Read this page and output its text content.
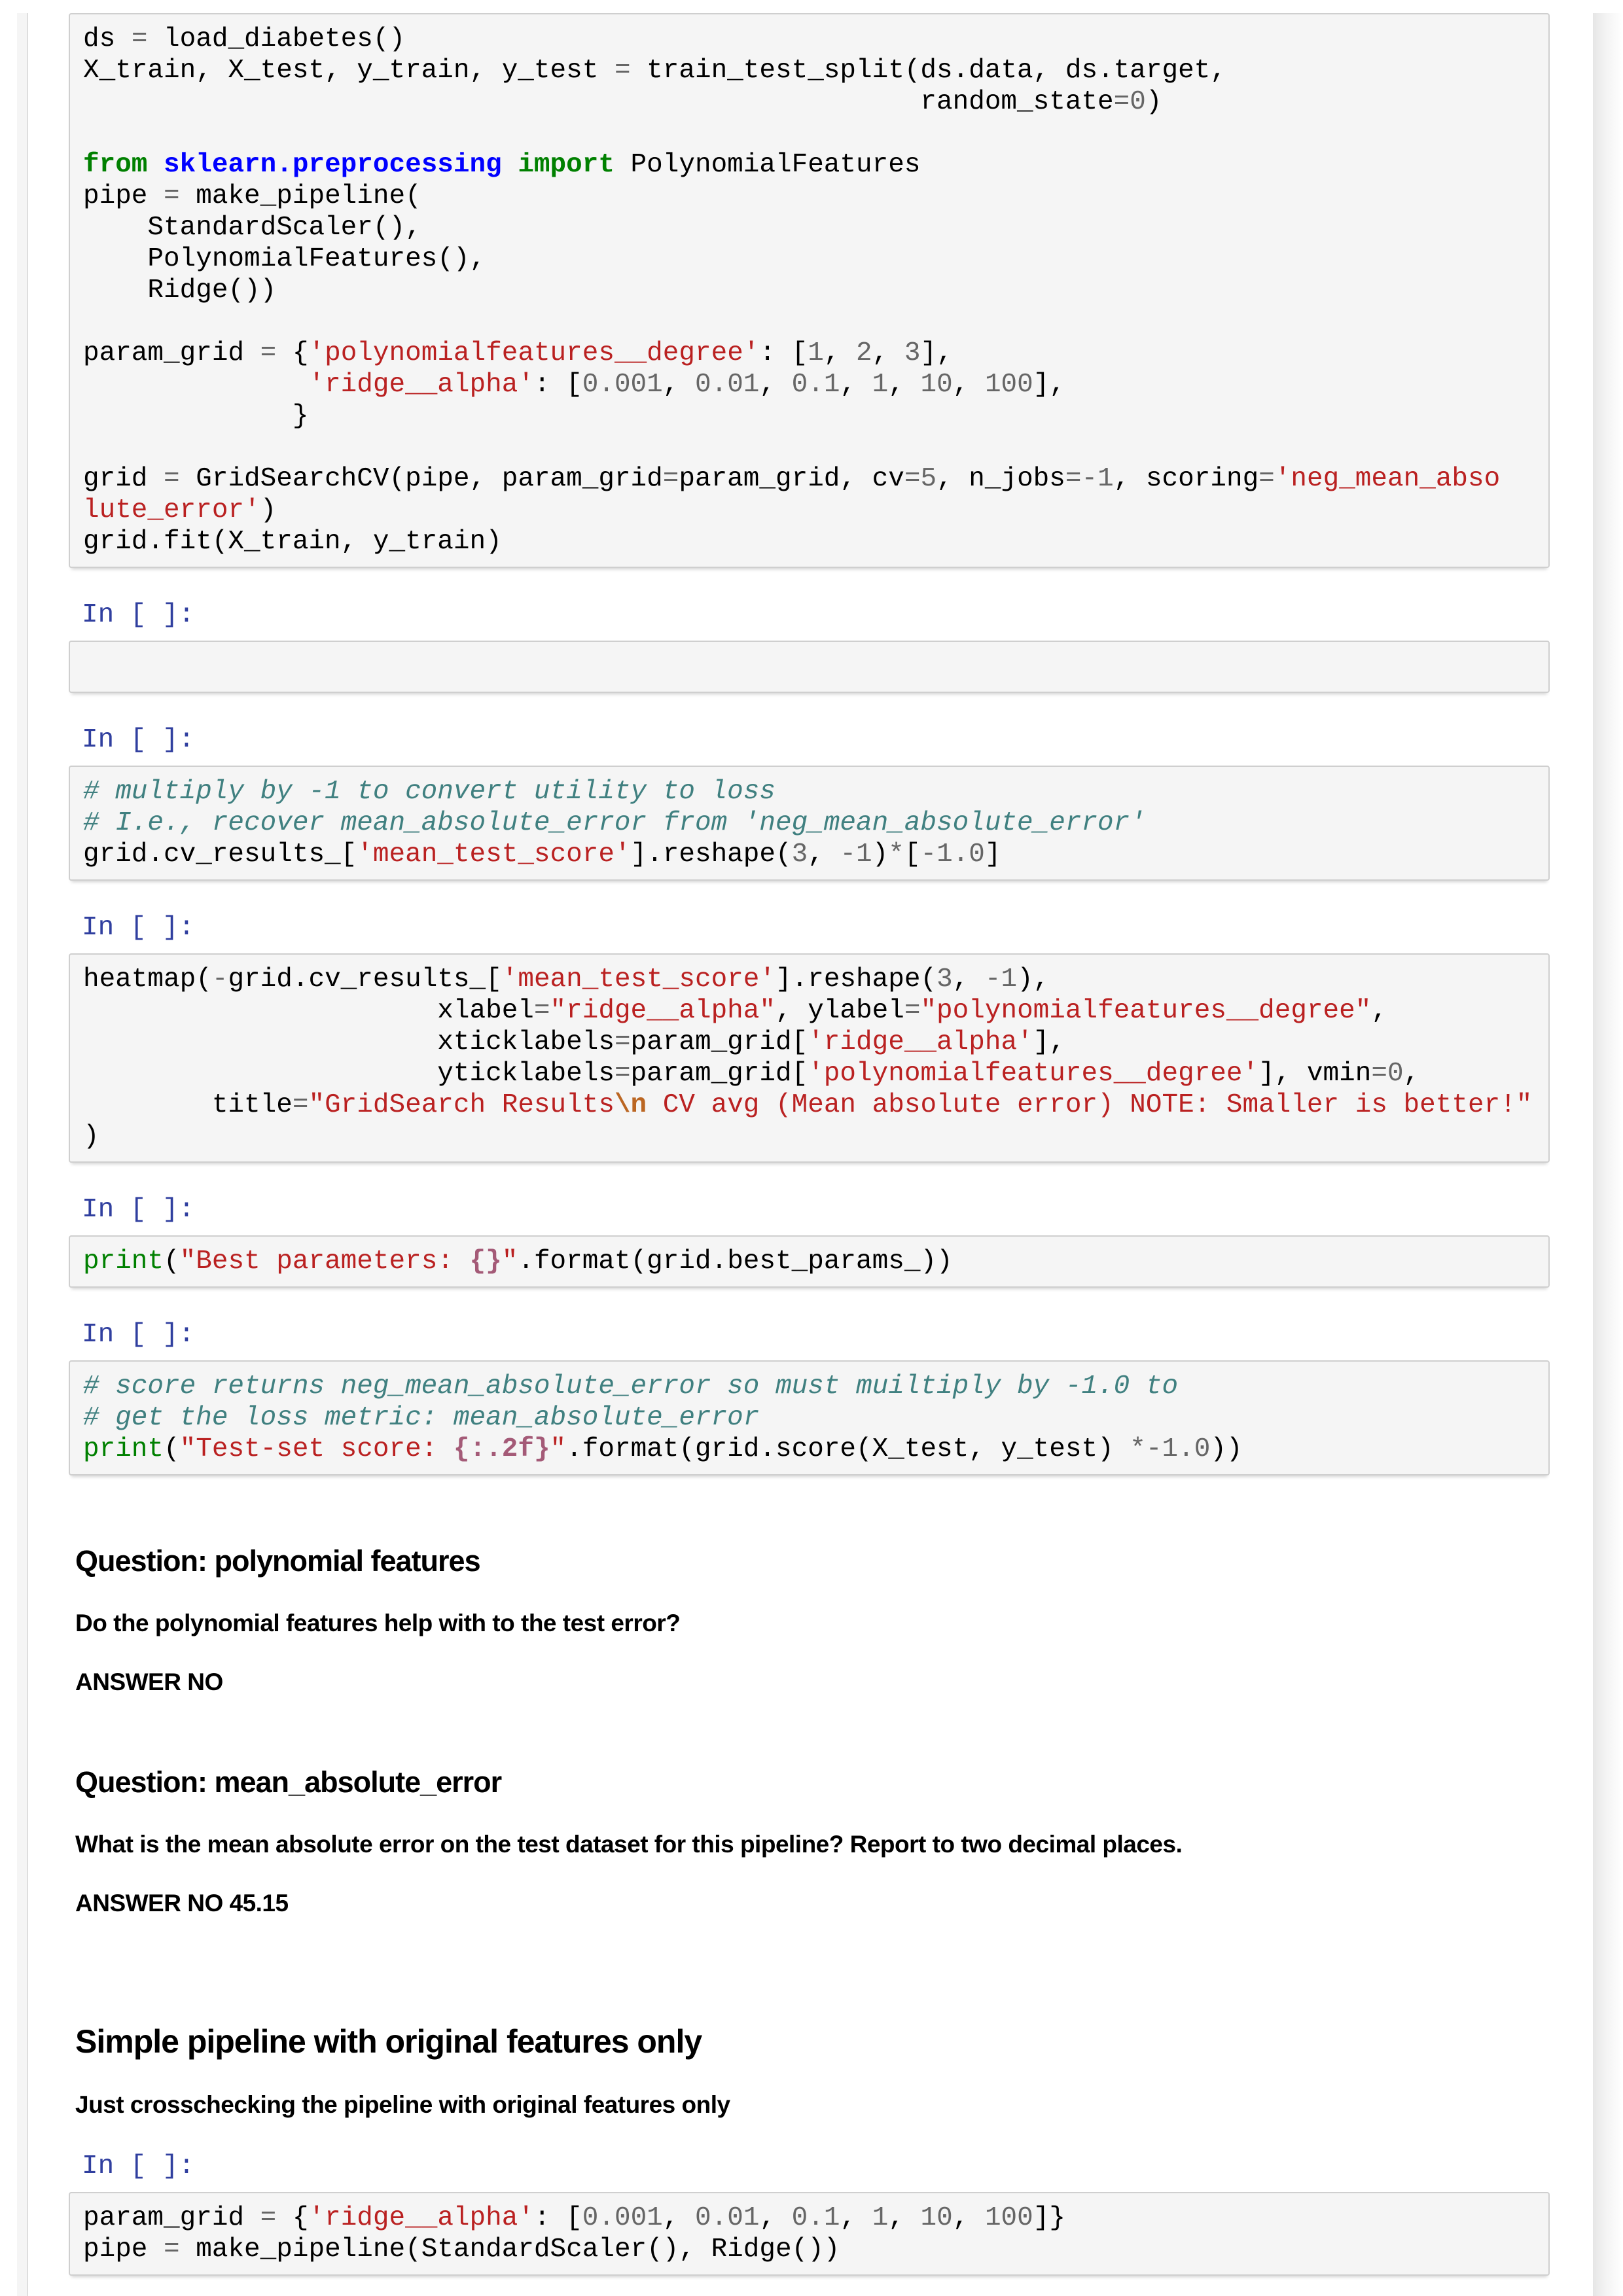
ds = load_diabetes()
X_train, X_test, y_train, y_test = train_test_split(ds.data, ds.target,
random_state=0)

from sklearn.preprocessing import PolynomialFeatures
pipe = make_pipeline(
StandardScaler(),
PolynomialFeatures(),
Ridge())

param_grid = {'polynomialfeatures__degree': [1, 2, 3],
'ridge__alpha': [0.001, 0.01, 0.1, 1, 10, 100],
}

grid = GridSearchCV(pipe, param_grid=param_grid, cv=5, n_jobs=-1, scoring='neg_mean_abso
lute_error')
grid.fit(X_train, y_train)
In [ ]:
In [ ]:
# multiply by -1 to convert utility to loss
# I.e., recover mean_absolute_error from 'neg_mean_absolute_error'
grid.cv_results_['mean_test_score'].reshape(3, -1)*[-1.0]
In [ ]:
heatmap(-grid.cv_results_['mean_test_score'].reshape(3, -1),
xlabel="ridge__alpha", ylabel="polynomialfeatures__degree",
xticklabels=param_grid['ridge__alpha'],
yticklabels=param_grid['polynomialfeatures__degree'], vmin=0,
title="GridSearch Results\n CV avg (Mean absolute error) NOTE: Smaller is better!"
)
In [ ]:
print("Best parameters: {}".format(grid.best_params_))
In [ ]:
# score returns neg_mean_absolute_error so must muiltiply by -1.0 to
# get the loss metric: mean_absolute_error
print("Test-set score: {:.2f}".format(grid.score(X_test, y_test) *-1.0))
Question: polynomial features

Do the polynomial features help with to the test error?

ANSWER NO

Question: mean_absolute_error

What is the mean absolute error on the test dataset for this pipeline? Report to two decimal places.

ANSWER NO 45.15

Simple pipeline with original features only

Just crosschecking the pipeline with original features only

In [ ]:
param_grid = {'ridge__alpha': [0.001, 0.01, 0.1, 1, 10, 100]}
pipe = make_pipeline(StandardScaler(), Ridge())
